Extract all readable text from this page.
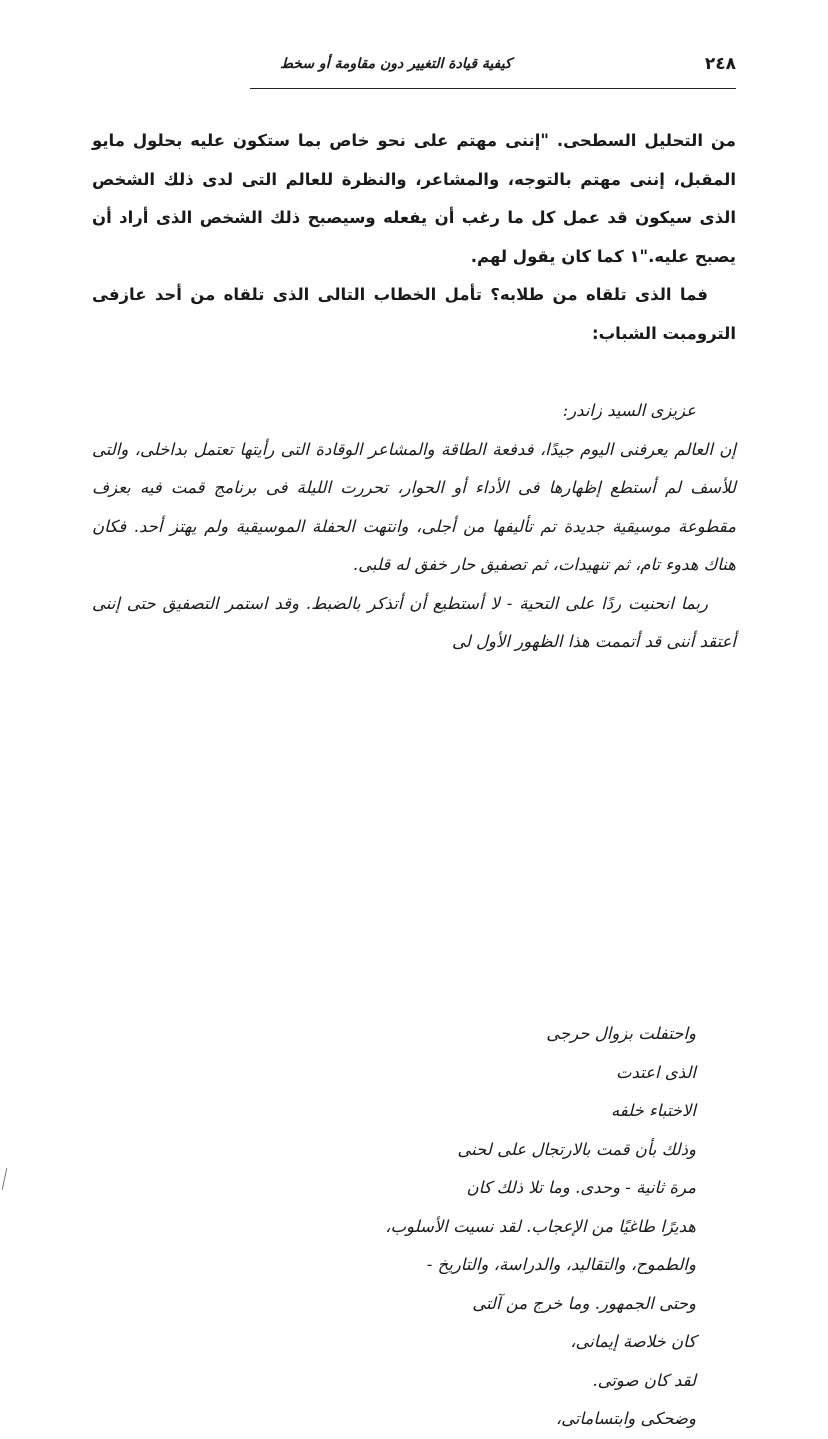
٢٤٨
كيفية قيادة التغيير دون مقاومة أو سخط

من التحليل السطحى. "إننى مهتم على نحو خاص بما ستكون عليه بحلول مايو المقبل، إننى مهتم بالتوجه، والمشاعر، والنظرة للعالم التى لدى ذلك الشخص الذى سيكون قد عمل كل ما رغب أن يفعله وسيصبح ذلك الشخص الذى أراد أن يصبح عليه."١ كما كان يقول لهم.

فما الذى تلقاه من طلابه؟ تأمل الخطاب التالى الذى تلقاه من أحد عازفى الترومبت الشباب:

عزيزى السيد زاندر:

إن العالم يعرفنى اليوم جيدًا، فدفعة الطاقة والمشاعر الوقادة التى رأيتها تعتمل بداخلى، والتى للأسف لم أستطع إظهارها فى الأداء أو الحوار، تحررت الليلة فى برنامج قمت فيه بعزف مقطوعة موسيقية جديدة تم تأليفها من أجلى، وانتهت الحفلة الموسيقية ولم يهتز أحد. فكان هناك هدوء تام، ثم تنهيدات، ثم تصفيق حار خفق له قلبى.

ربما انحنيت ردًا على التحية - لا أستطيع أن أتذكر بالضبط. وقد استمر التصفيق حتى إننى أعتقد أننى قد أتممت هذا الظهور الأول لى

واحتفلت بزوال حرجى
الذى اعتدت
الاختباء خلفه
وذلك بأن قمت بالارتجال على لحنى
مرة ثانية - وحدى. وما تلا ذلك كان
هديرًا طاغيًا من الإعجاب. لقد نسيت الأسلوب،
والطموح، والتقاليد، والدراسة، والتاريخ -
وحتى الجمهور. وما خرج من آلتى
كان خلاصة إيمانى،
لقد كان صوتى.
وضحكى وابتساماتى،
